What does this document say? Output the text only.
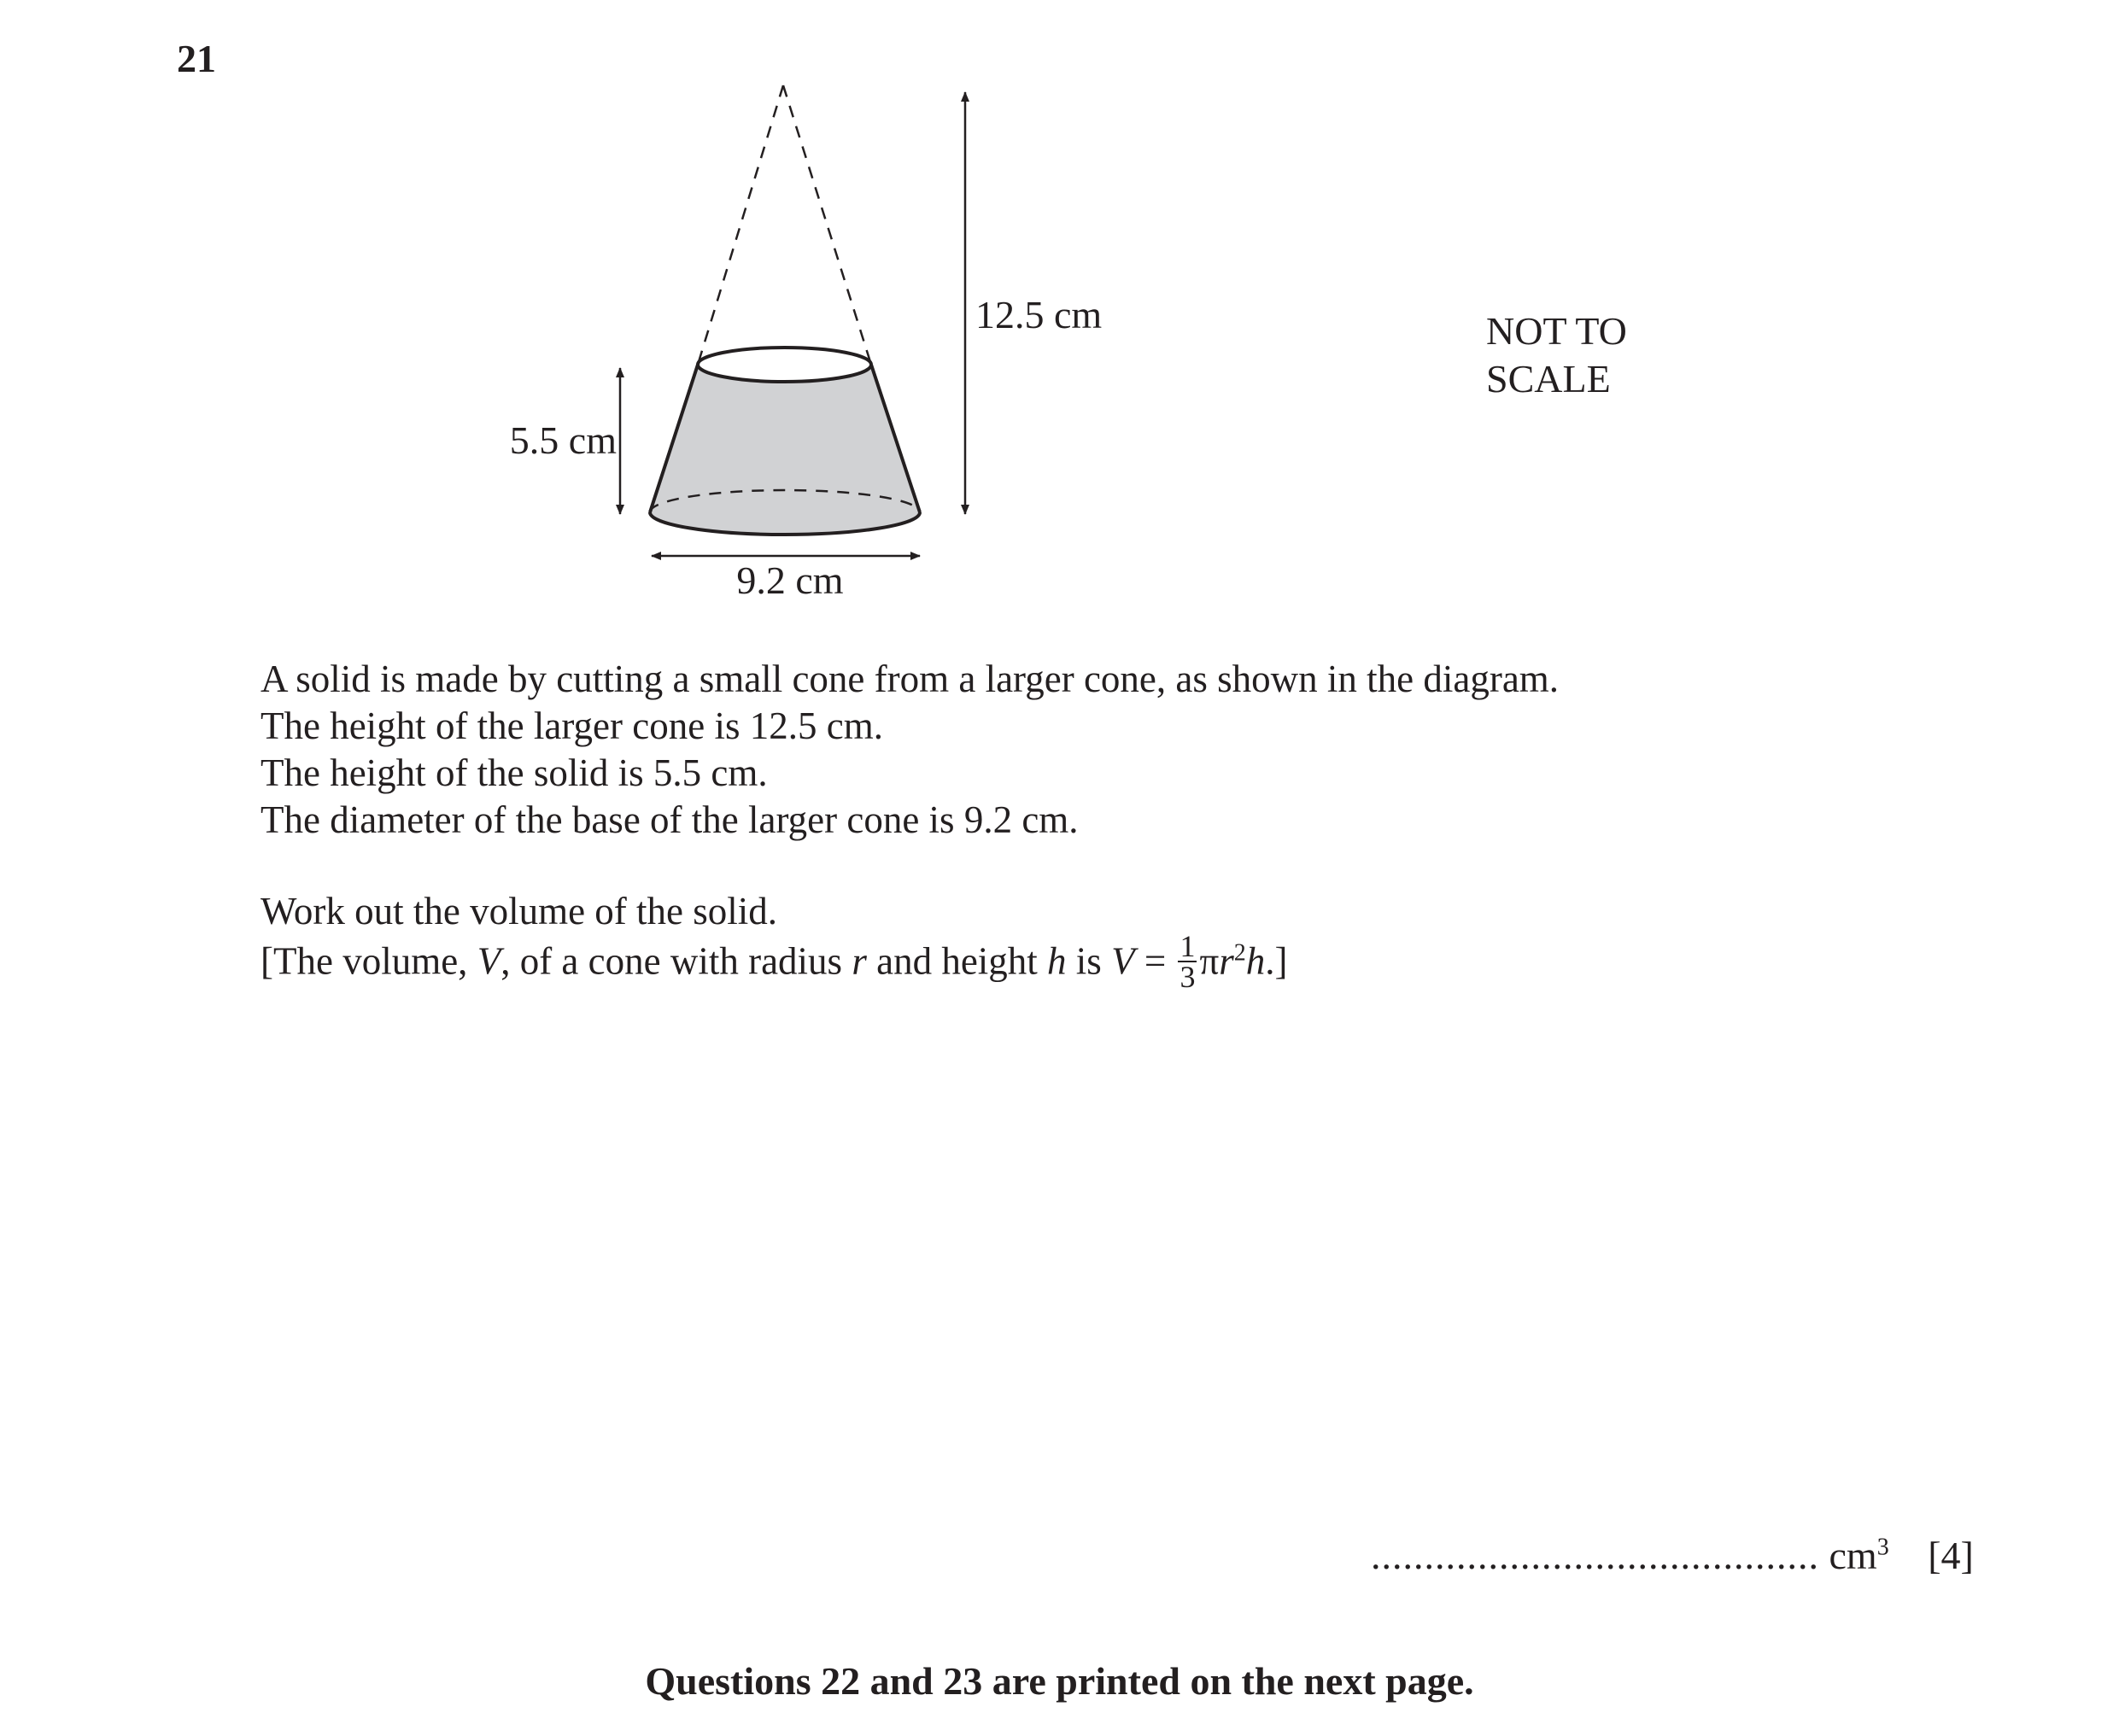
21
12.5 cm
5.5 cm
9.2 cm
NOT TO
SCALE

A solid is made by cutting a small cone from a larger cone, as shown in the diagram.

The height of the larger cone is 12.5 cm.

The height of the solid is 5.5 cm.

The diameter of the base of the larger cone is 9.2 cm.

Work out the volume of the solid.

[The volume, V, of a cone with radius r and height h is $V = \frac{1}{3} \pi r^2h$.]

.......................................... $cm^3$ [4]
Questions 22 and 23 are printed on the next page.
